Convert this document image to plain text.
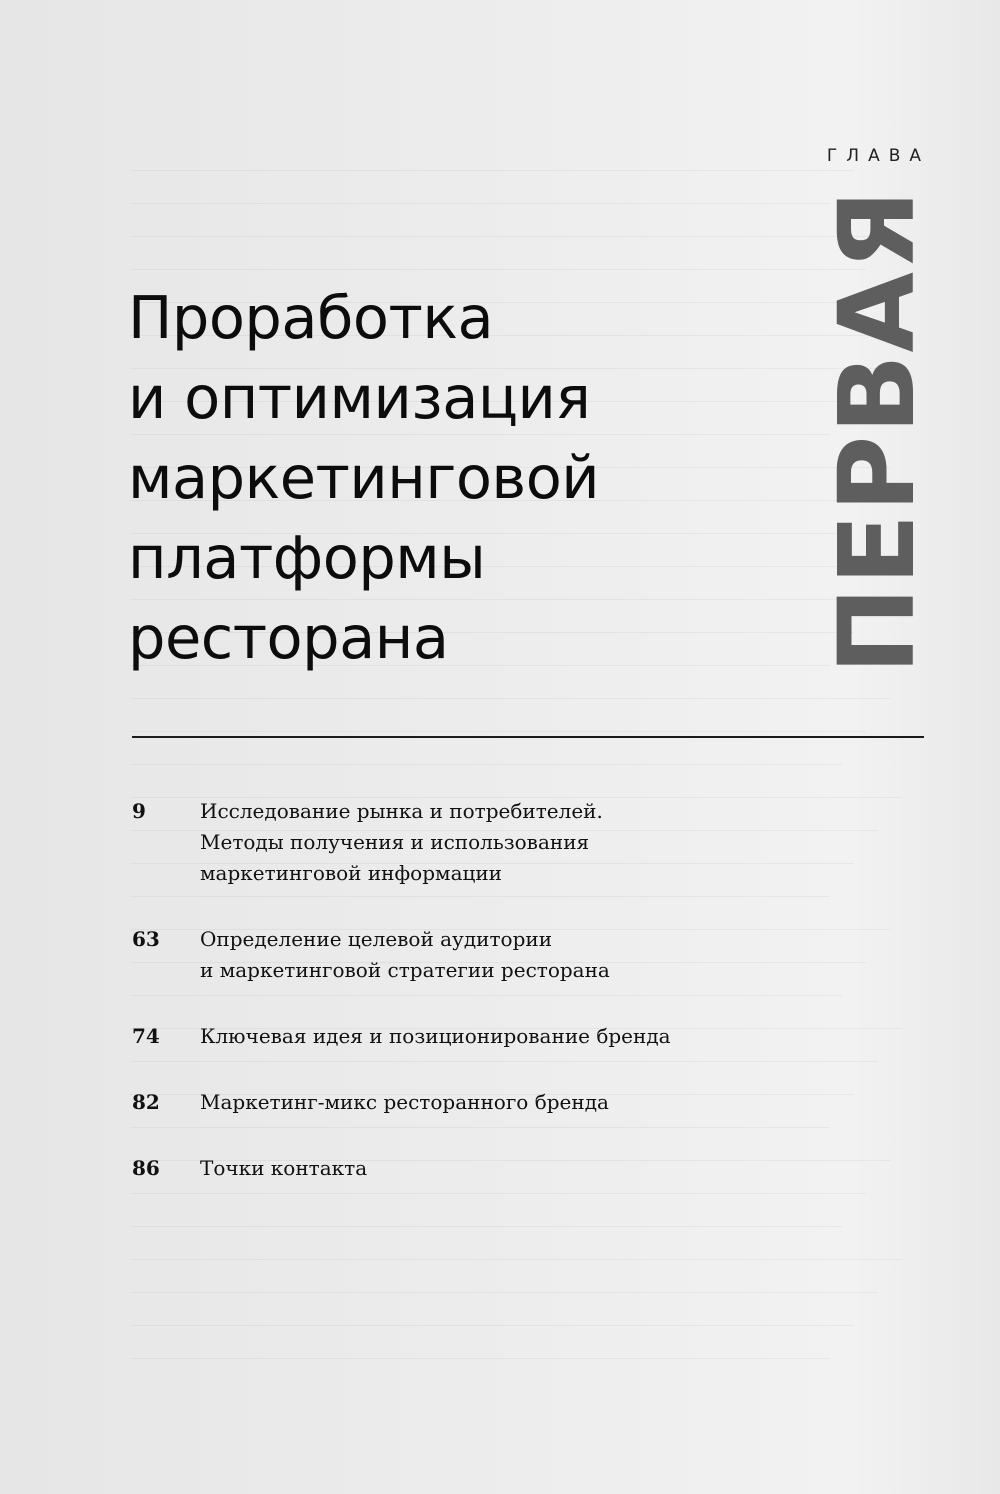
ГЛАВА
ПЕРВАЯ
Проработка
и оптимизация
маркетинговой
платформы
ресторана
9	Исследование рынка и потребителей.
Методы получения и использования
маркетинговой информации
63	Определение целевой аудитории
и маркетинговой стратегии ресторана
74	Ключевая идея и позиционирование бренда
82	Маркетинг-микс ресторанного бренда
86	Точки контакта
